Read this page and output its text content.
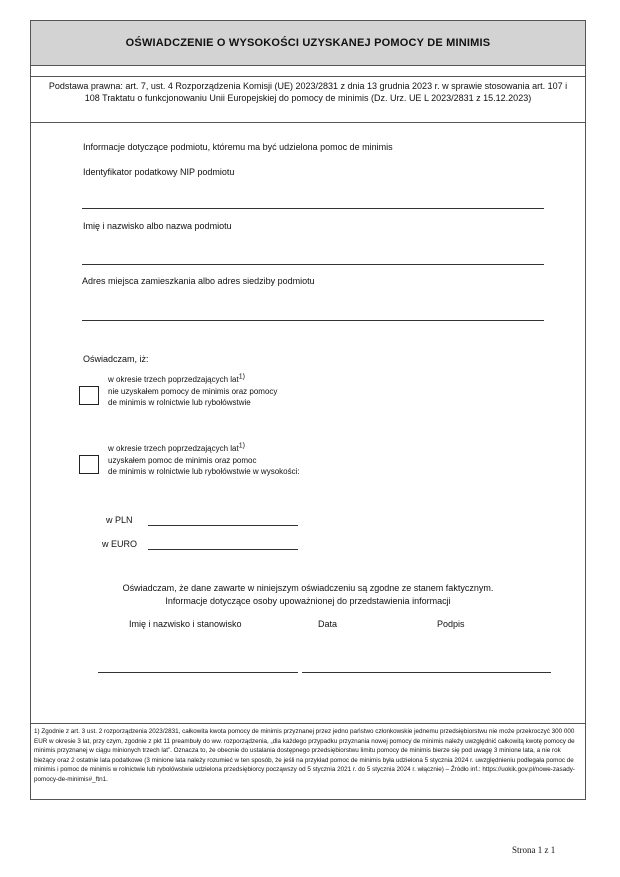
OŚWIADCZENIE O WYSOKOŚCI UZYSKANEJ POMOCY DE MINIMIS
Podstawa prawna: art. 7, ust. 4 Rozporządzenia Komisji (UE) 2023/2831 z dnia 13 grudnia 2023 r. w sprawie stosowania art. 107 i 108 Traktatu o funkcjonowaniu Unii Europejskiej do pomocy de minimis (Dz. Urz. UE L 2023/2831 z 15.12.2023)
Informacje dotyczące podmiotu, któremu ma być udzielona pomoc de minimis
Identyfikator podatkowy NIP podmiotu
Imię i nazwisko albo nazwa podmiotu
Adres miejsca zamieszkania albo adres siedziby podmiotu
Oświadczam, iż:
w okresie trzech poprzedzających lat$^{1)}$
nie uzyskałem pomocy de minimis oraz pomocy
de minimis w rolnictwie lub rybołówstwie
w okresie trzech poprzedzających lat$^{1)}$
uzyskałem pomoc de minimis oraz pomoc
de minimis w rolnictwie lub rybołówstwie w wysokości:
w PLN
w EURO
Oświadczam, że dane zawarte w niniejszym oświadczeniu są zgodne ze stanem faktycznym.
Informacje dotyczące osoby upoważnionej do przedstawienia informacji
Imię i nazwisko i stanowisko	Data	Podpis
1) Zgodnie z art. 3 ust. 2 rozporządzenia 2023/2831, całkowita kwota pomocy de minimis przyznanej przez jedno państwo członkowskie jednemu przedsiębiorstwu nie może przekroczyć 300 000 EUR w okresie 3 lat, przy czym, zgodnie z pkt 11 preambuły do ww. rozporządzenia, „dla każdego przypadku przyznania nowej pomocy de minimis należy uwzględnić całkowitą kwotę pomocy de minimis przyznanej w ciągu minionych trzech lat”. Oznacza to, że obecnie do ustalania dostępnego przedsiębiorstwu limitu pomocy de minimis bierze się pod uwagę 3 minione lata, a nie rok bieżący oraz 2 ostatnie lata podatkowe (3 minione lata należy rozumieć w ten sposób, że jeśli na przykład pomoc de minimis była udzielona 5 stycznia 2024 r. uwzględnieniu podlegała pomoc de minimis i pomoc de minimis w rolnictwie lub rybołówstwie udzielona przedsiębiorcy począwszy od 5 stycznia 2021 r. do 5 stycznia 2024 r. włącznie) – Źródło inf.: https://uokik.gov.pl/nowe-zasady-pomocy-de-minimis#_ftn1.
Strona 1 z 1
